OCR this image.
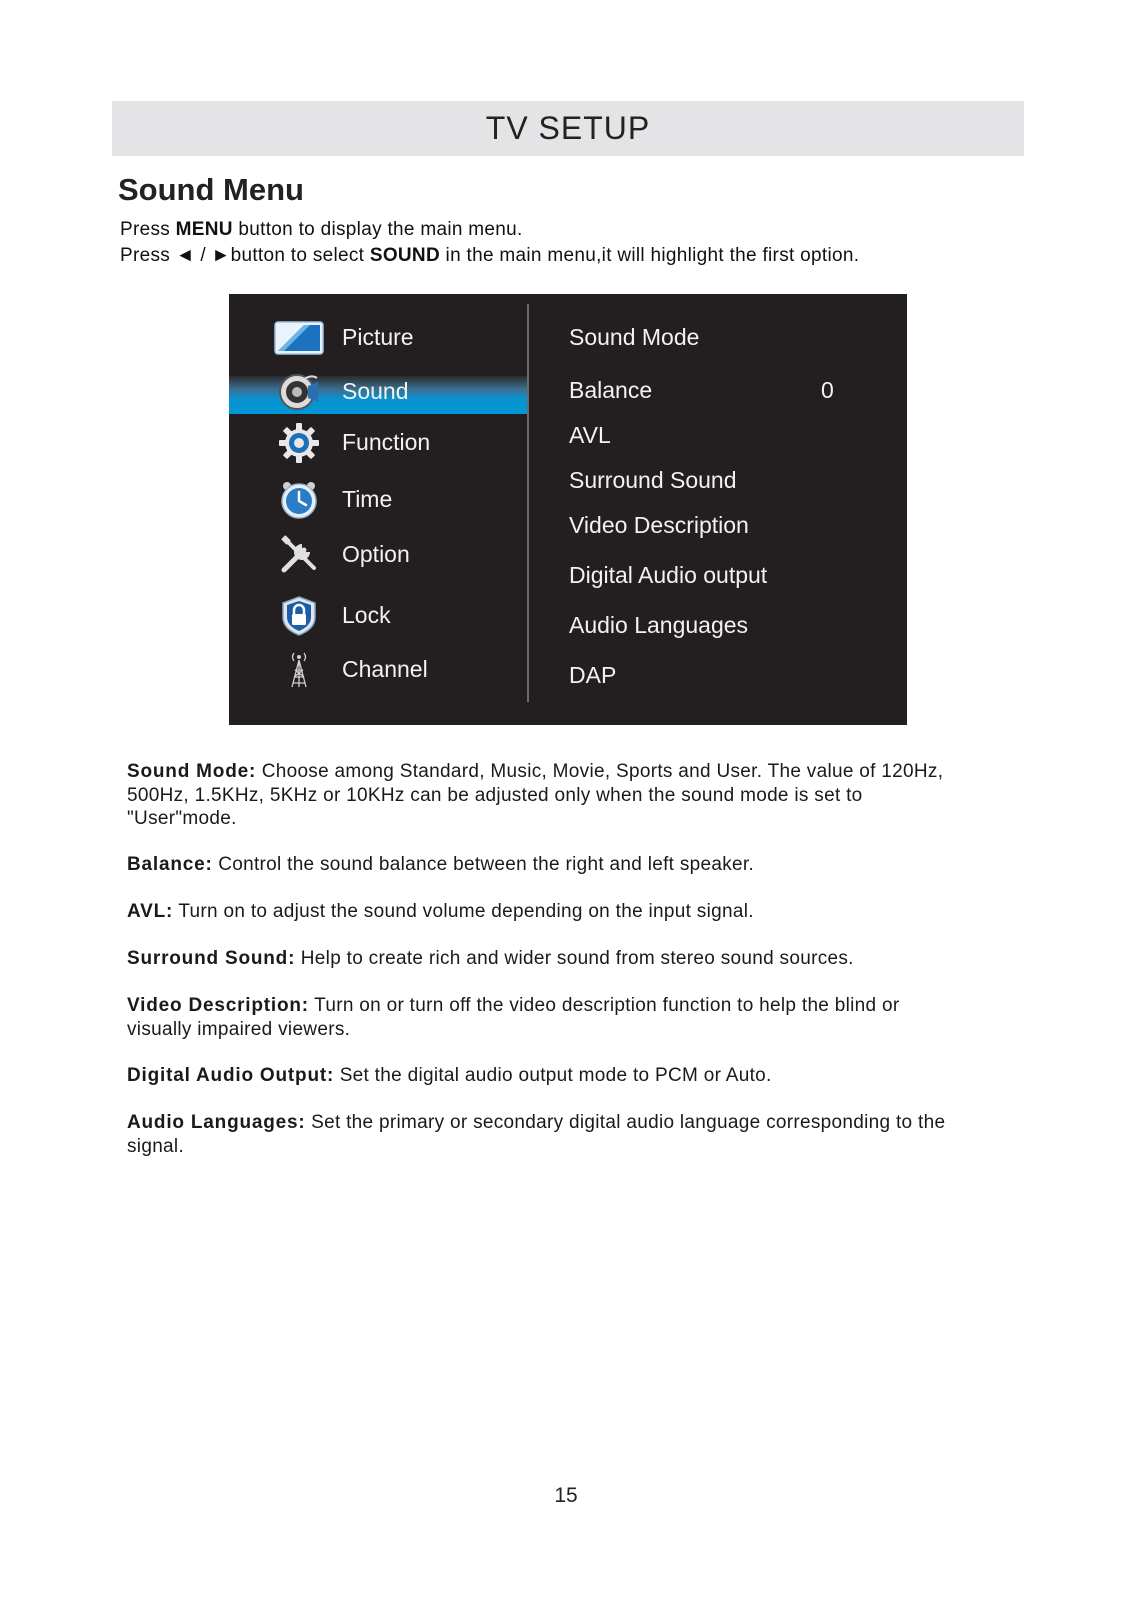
TV SETUP
Sound Menu
Press MENU button to display the main menu.
Press ◄ / ►button to select SOUND in the main menu,it will highlight the first option.
Picture
Sound
Function
Time
Option
Lock
Channel
Sound Mode
Balance	0
AVL
Surround Sound
Video Description
Digital Audio output
Audio Languages
DAP

Sound Mode: Choose among Standard, Music, Movie, Sports and User. The value of 120Hz, 500Hz, 1.5KHz, 5KHz or 10KHz can be adjusted only when the sound mode is set to "User"mode.

Balance: Control the sound balance between the right and left speaker.

AVL: Turn on to adjust the sound volume depending on the input signal.

Surround Sound: Help to create rich and wider sound from stereo sound sources.

Video Description: Turn on or turn off the video description function to help the blind or visually impaired viewers.

Digital Audio Output: Set the digital audio output mode to PCM or Auto.

Audio Languages: Set the primary or secondary digital audio language corresponding to the signal.

15
